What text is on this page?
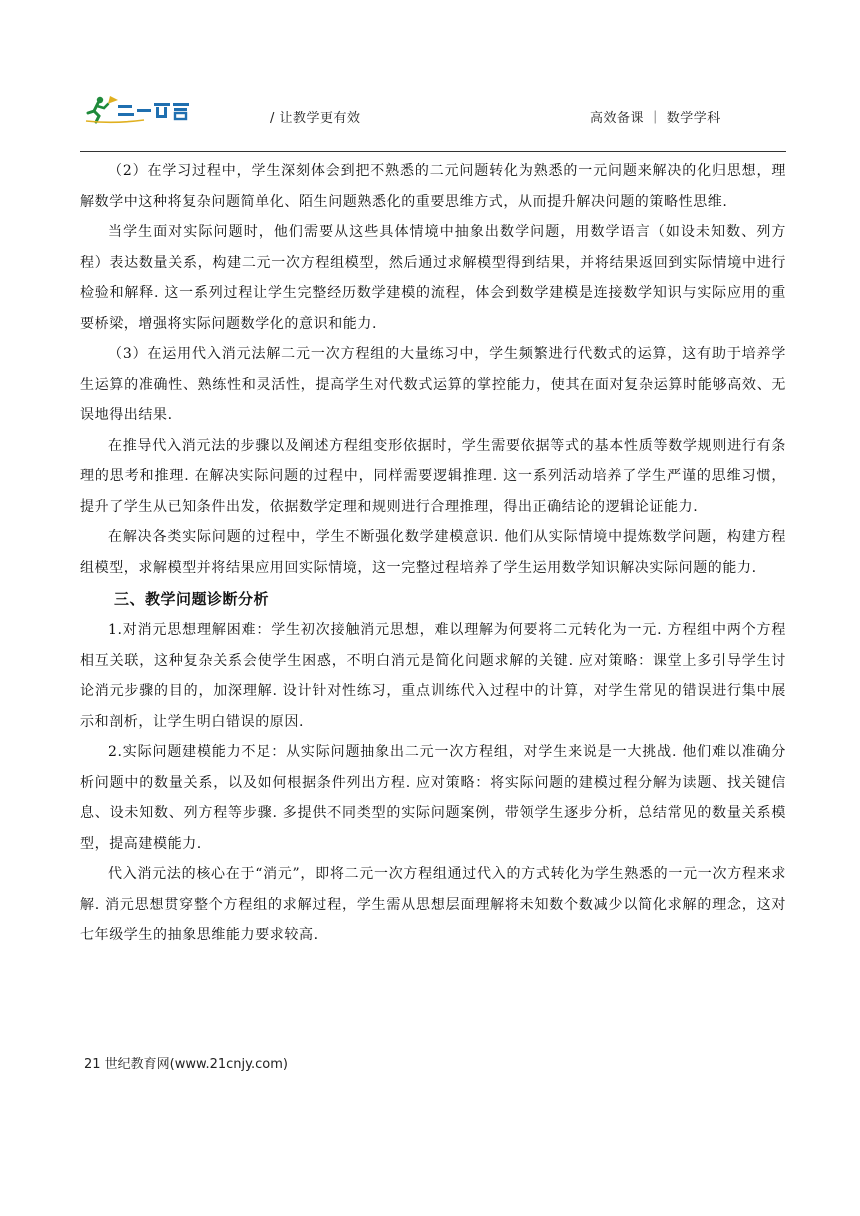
/ 让教学更有效	高效备课 ｜ 数学学科

（2）在学习过程中，学生深刻体会到把不熟悉的二元问题转化为熟悉的一元问题来解决的化归思想，理解数学中这种将复杂问题简单化、陌生问题熟悉化的重要思维方式，从而提升解决问题的策略性思维.

当学生面对实际问题时，他们需要从这些具体情境中抽象出数学问题，用数学语言（如设未知数、列方程）表达数量关系，构建二元一次方程组模型，然后通过求解模型得到结果，并将结果返回到实际情境中进行检验和解释. 这一系列过程让学生完整经历数学建模的流程，体会到数学建模是连接数学知识与实际应用的重要桥梁，增强将实际问题数学化的意识和能力.

（3）在运用代入消元法解二元一次方程组的大量练习中，学生频繁进行代数式的运算，这有助于培养学生运算的准确性、熟练性和灵活性，提高学生对代数式运算的掌控能力，使其在面对复杂运算时能够高效、无误地得出结果.

在推导代入消元法的步骤以及阐述方程组变形依据时，学生需要依据等式的基本性质等数学规则进行有条理的思考和推理. 在解决实际问题的过程中，同样需要逻辑推理. 这一系列活动培养了学生严谨的思维习惯，提升了学生从已知条件出发，依据数学定理和规则进行合理推理，得出正确结论的逻辑论证能力.

在解决各类实际问题的过程中，学生不断强化数学建模意识. 他们从实际情境中提炼数学问题，构建方程组模型，求解模型并将结果应用回实际情境，这一完整过程培养了学生运用数学知识解决实际问题的能力.

三、教学问题诊断分析

1.对消元思想理解困难：学生初次接触消元思想，难以理解为何要将二元转化为一元. 方程组中两个方程相互关联，这种复杂关系会使学生困惑，不明白消元是简化问题求解的关键. 应对策略：课堂上多引导学生讨论消元步骤的目的，加深理解. 设计针对性练习，重点训练代入过程中的计算，对学生常见的错误进行集中展示和剖析，让学生明白错误的原因.

2.实际问题建模能力不足：从实际问题抽象出二元一次方程组，对学生来说是一大挑战. 他们难以准确分析问题中的数量关系，以及如何根据条件列出方程. 应对策略：将实际问题的建模过程分解为读题、找关键信息、设未知数、列方程等步骤. 多提供不同类型的实际问题案例，带领学生逐步分析，总结常见的数量关系模型，提高建模能力.

代入消元法的核心在于“消元”，即将二元一次方程组通过代入的方式转化为学生熟悉的一元一次方程来求解. 消元思想贯穿整个方程组的求解过程，学生需从思想层面理解将未知数个数减少以简化求解的理念，这对七年级学生的抽象思维能力要求较高.

21 世纪教育网(www.21cnjy.com)
